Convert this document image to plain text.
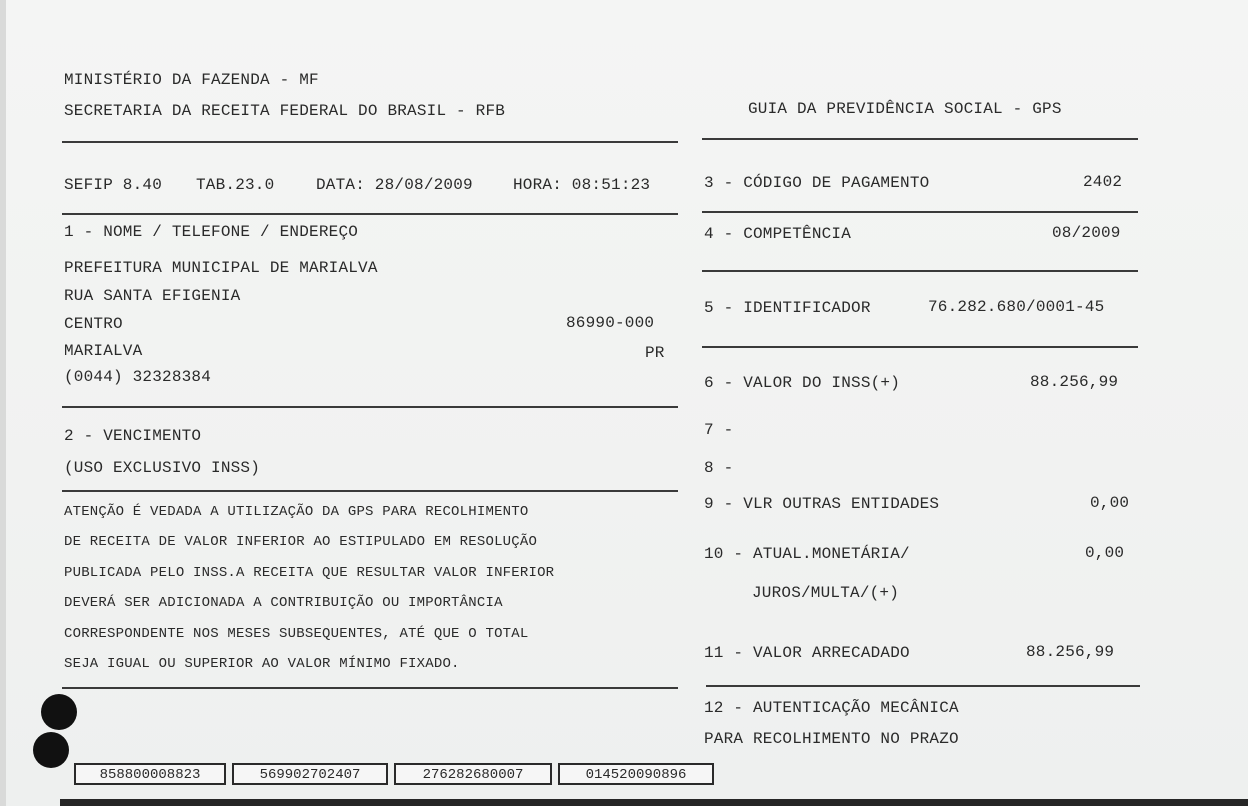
MINISTÉRIO DA FAZENDA - MF
SECRETARIA DA RECEITA FEDERAL DO BRASIL - RFB	GUIA DA PREVIDÊNCIA SOCIAL - GPS
SEFIP 8.40 TAB.23.0	DATA: 28/08/2009	HORA: 08:51:23	3 - CÓDIGO DE PAGAMENTO	2402
1 - NOME / TELEFONE / ENDEREÇO	4 - COMPETÊNCIA	08/2009
PREFEITURA MUNICIPAL DE MARIALVA
RUA SANTA EFIGENIA
5 - IDENTIFICADOR	76.282.680/0001-45
CENTRO	86990-000
MARIALVA	PR
(0044) 32328384	6 - VALOR DO INSS(+)	88.256,99
7 -
2 - VENCIMENTO
8 -
(USO EXCLUSIVO INSS)
9 - VLR OUTRAS ENTIDADES	0,00
ATENÇÃO É VEDADA A UTILIZAÇÃO DA GPS PARA RECOLHIMENTO
DE RECEITA DE VALOR INFERIOR AO ESTIPULADO EM RESOLUÇÃO
PUBLICADA PELO INSS.A RECEITA QUE RESULTAR VALOR INFERIOR
DEVERÁ SER ADICIONADA A CONTRIBUIÇÃO OU IMPORTÂNCIA
CORRESPONDENTE NOS MESES SUBSEQUENTES, ATÉ QUE O TOTAL
SEJA IGUAL OU SUPERIOR AO VALOR MÍNIMO FIXADO.
10 - ATUAL.MONETÁRIA/	0,00
JUROS/MULTA/(+)
11 - VALOR ARRECADADO	88.256,99
12 - AUTENTICAÇÃO MECÂNICA
PARA RECOLHIMENTO NO PRAZO
858800008823	569902702407	276282680007	014520090896
